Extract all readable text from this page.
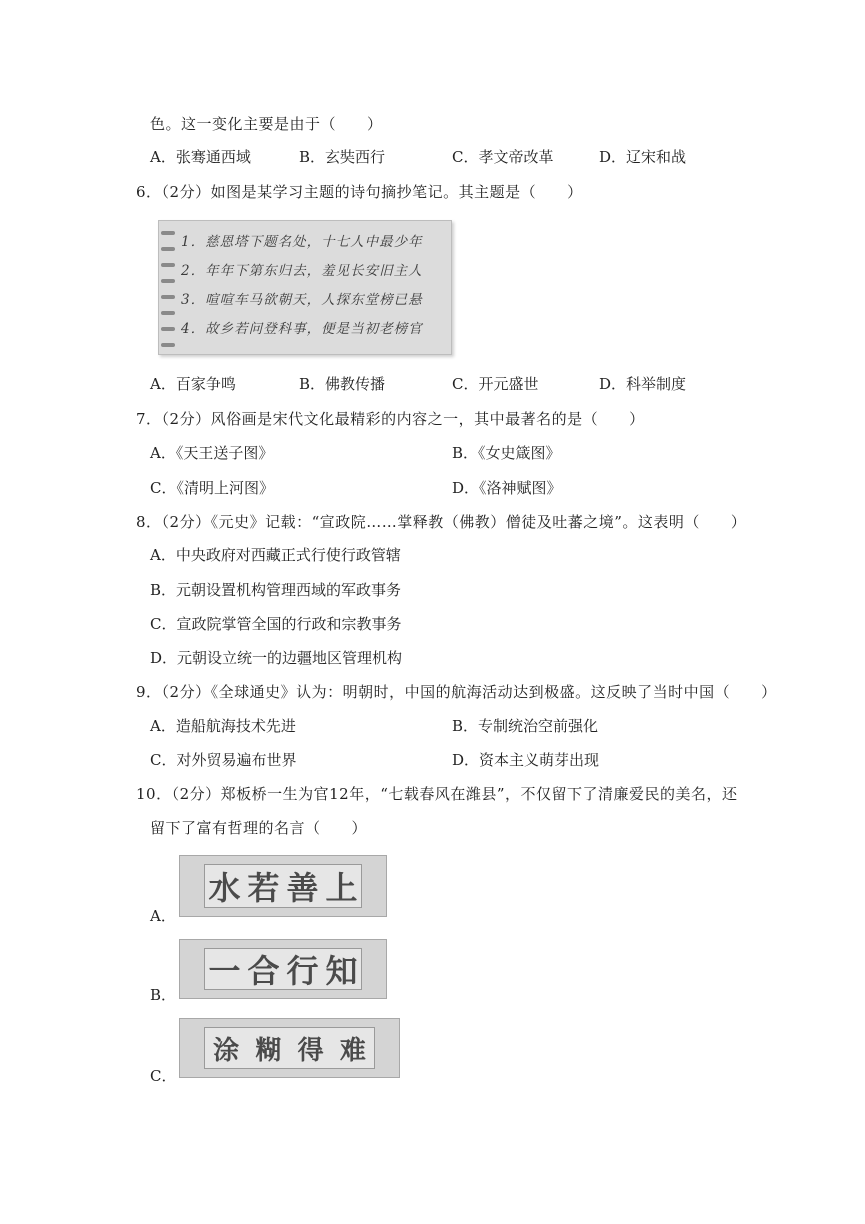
色。这一变化主要是由于（　　）
A．张骞通西域	B．玄奘西行	C．孝文帝改革	D．辽宋和战
6．（2分）如图是某学习主题的诗句摘抄笔记。其主题是（　　）
1．慈恩塔下题名处，十七人中最少年
2．年年下第东归去，羞见长安旧主人
3．喧喧车马欲朝天，人探东堂榜已悬
4．故乡若问登科事，便是当初老榜官
A．百家争鸣	B．佛教传播	C．开元盛世	D．科举制度
7．（2分）风俗画是宋代文化最精彩的内容之一，其中最著名的是（　　）
A．《天王送子图》	B．《女史箴图》
C．《清明上河图》	D．《洛神赋图》
8．（2分）《元史》记载：“宣政院……掌释教（佛教）僧徒及吐蕃之境”。这表明（　　）
A．中央政府对西藏正式行使行政管辖
B．元朝设置机构管理西域的军政事务
C．宣政院掌管全国的行政和宗教事务
D．元朝设立统一的边疆地区管理机构
9．（2分）《全球通史》认为：明朝时，中国的航海活动达到极盛。这反映了当时中国（　　）
A．造船航海技术先进	B．专制统治空前强化
C．对外贸易遍布世界	D．资本主义萌芽出现
10．（2分）郑板桥一生为官12年，“七载春风在潍县”，不仅留下了清廉爱民的美名，还
留下了富有哲理的名言（　　）
A．
水 若 善 上
B．
一 合 行 知
C．
涂 糊 得 难
